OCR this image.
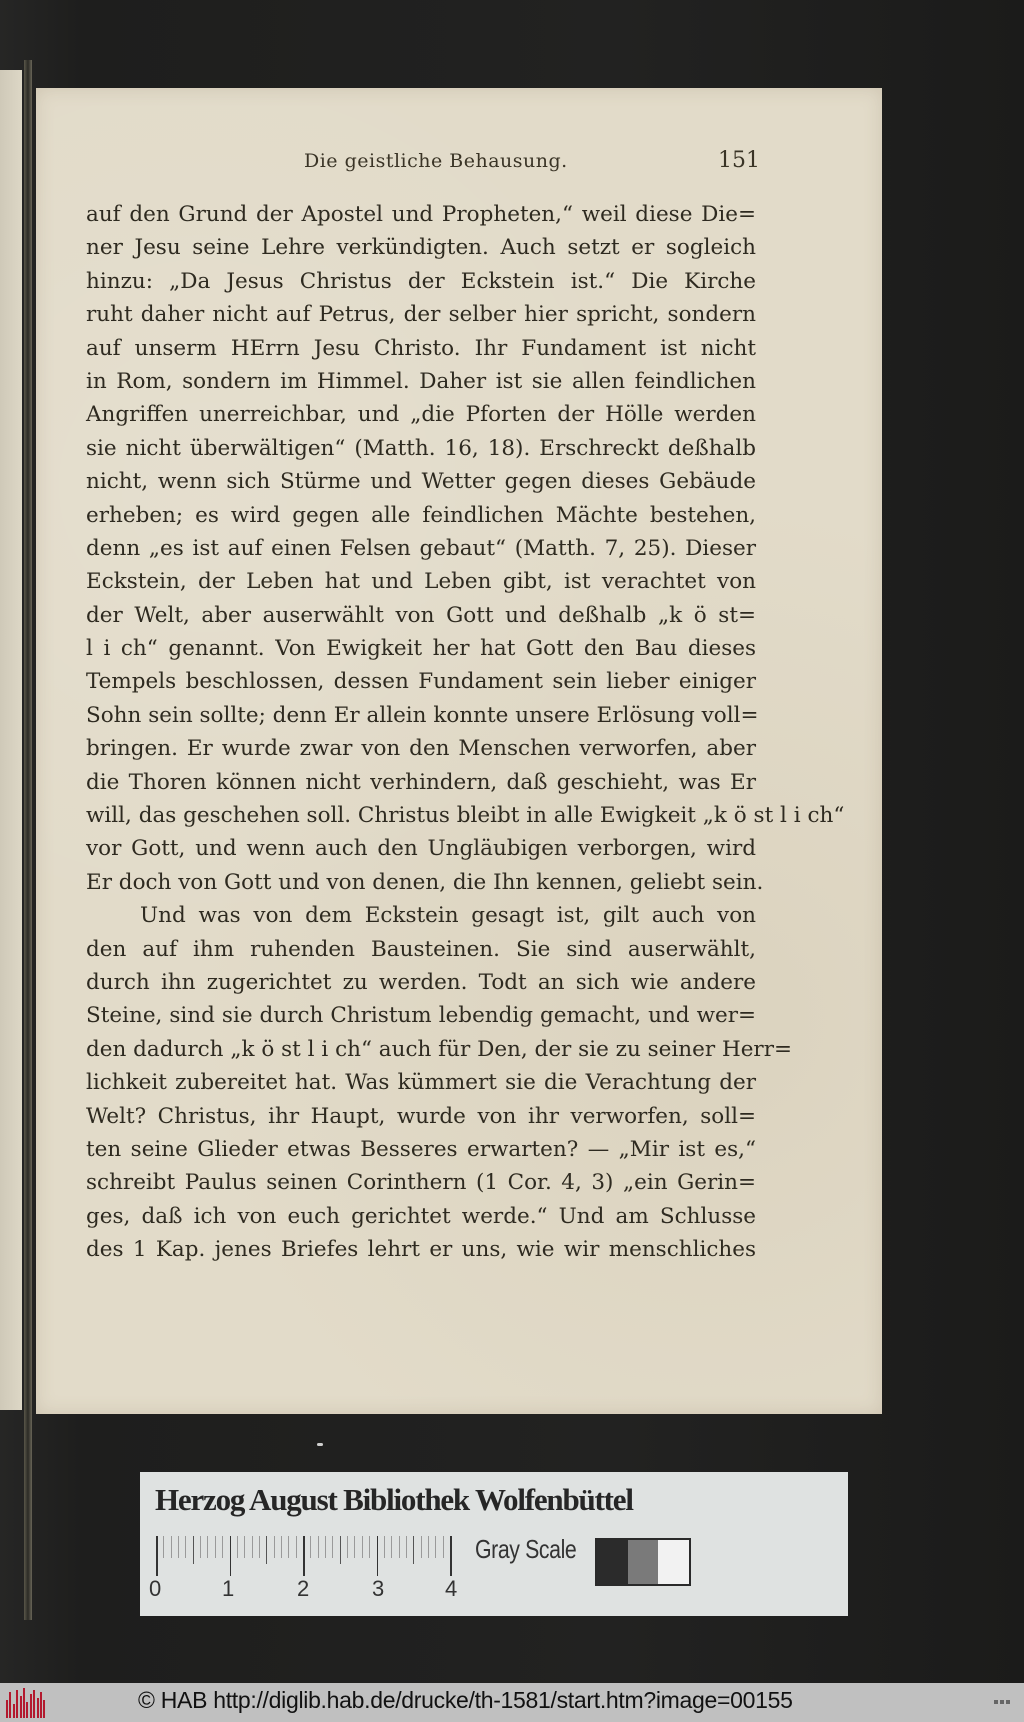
Die geistliche Behausung.	151
auf den Grund der Apostel und Propheten,“ weil diese Die=
ner Jesu seine Lehre verkündigten. Auch setzt er sogleich
hinzu: „Da Jesus Christus der Eckstein ist.“ Die Kirche
ruht daher nicht auf Petrus, der selber hier spricht, sondern
auf unserm HErrn Jesu Christo. Ihr Fundament ist nicht
in Rom, sondern im Himmel. Daher ist sie allen feindlichen
Angriffen unerreichbar, und „die Pforten der Hölle werden
sie nicht überwältigen“ (Matth. 16, 18). Erschreckt deßhalb
nicht, wenn sich Stürme und Wetter gegen dieses Gebäude
erheben; es wird gegen alle feindlichen Mächte bestehen,
denn „es ist auf einen Felsen gebaut“ (Matth. 7, 25). Dieser
Eckstein, der Leben hat und Leben gibt, ist verachtet von
der Welt, aber auserwählt von Gott und deßhalb „k ö st=
l i ch“ genannt. Von Ewigkeit her hat Gott den Bau dieses
Tempels beschlossen, dessen Fundament sein lieber einiger
Sohn sein sollte; denn Er allein konnte unsere Erlösung voll=
bringen. Er wurde zwar von den Menschen verworfen, aber
die Thoren können nicht verhindern, daß geschieht, was Er
will, das geschehen soll. Christus bleibt in alle Ewigkeit „k ö st l i ch“
vor Gott, und wenn auch den Ungläubigen verborgen, wird
Er doch von Gott und von denen, die Ihn kennen, geliebt sein.
Und was von dem Eckstein gesagt ist, gilt auch von
den auf ihm ruhenden Bausteinen. Sie sind auserwählt,
durch ihn zugerichtet zu werden. Todt an sich wie andere
Steine, sind sie durch Christum lebendig gemacht, und wer=
den dadurch „k ö st l i ch“ auch für Den, der sie zu seiner Herr=
lichkeit zubereitet hat. Was kümmert sie die Verachtung der
Welt? Christus, ihr Haupt, wurde von ihr verworfen, soll=
ten seine Glieder etwas Besseres erwarten? — „Mir ist es,“
schreibt Paulus seinen Corinthern (1 Cor. 4, 3) „ein Gerin=
ges, daß ich von euch gerichtet werde.“ Und am Schlusse
des 1 Kap. jenes Briefes lehrt er uns, wie wir menschliches
Herzog August Bibliothek Wolfenbüttel
0	1	2	3	4
Gray Scale
© HAB http://diglib.hab.de/drucke/th-1581/start.htm?image=00155
